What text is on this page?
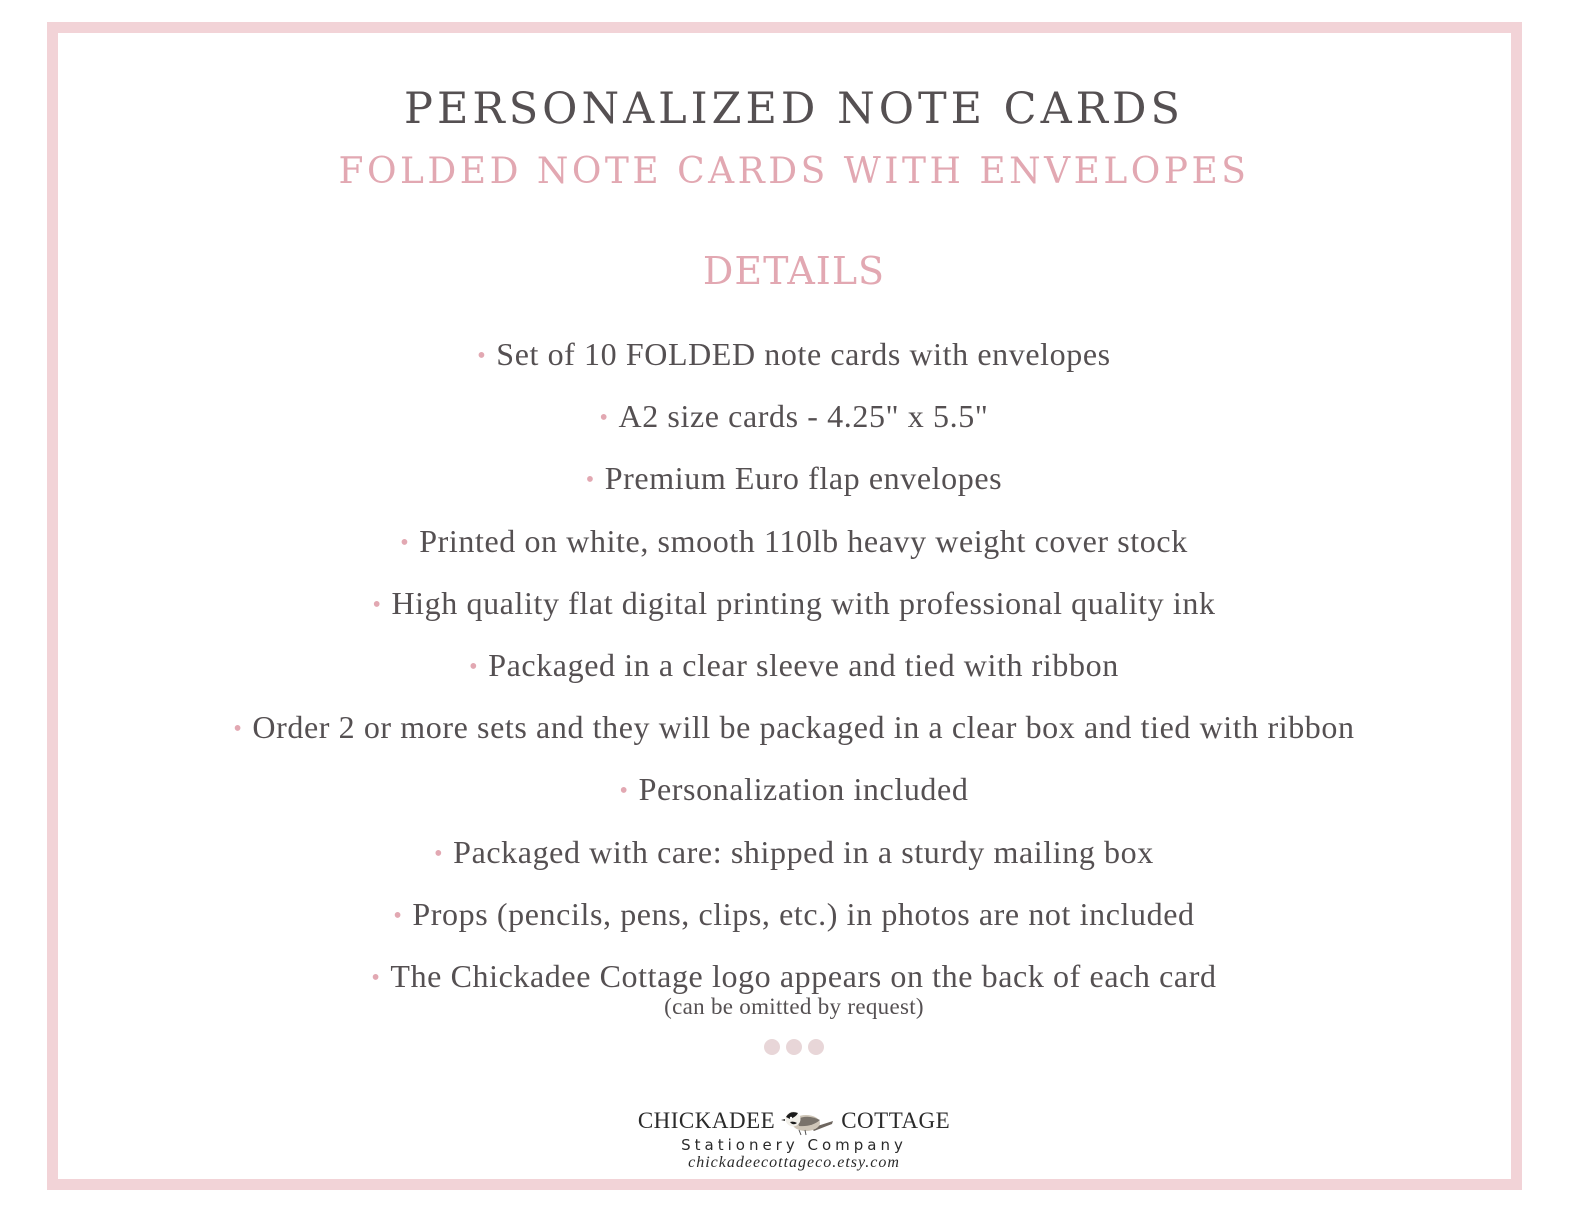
PERSONALIZED NOTE CARDS
FOLDED NOTE CARDS WITH ENVELOPES
DETAILS
• Set of 10 FOLDED note cards with envelopes
• A2 size cards - 4.25" x 5.5"
• Premium Euro flap envelopes
• Printed on white, smooth 110lb heavy weight cover stock
• High quality flat digital printing with professional quality ink
• Packaged in a clear sleeve and tied with ribbon
• Order 2 or more sets and they will be packaged in a clear box and tied with ribbon
• Personalization included
• Packaged with care: shipped in a sturdy mailing box
• Props (pencils, pens, clips, etc.) in photos are not included
• The Chickadee Cottage logo appears on the back of each card
(can be omitted by request)
CHICKADEE	COTTAGE
Stationery Company
chickadeecottageco.etsy.com
